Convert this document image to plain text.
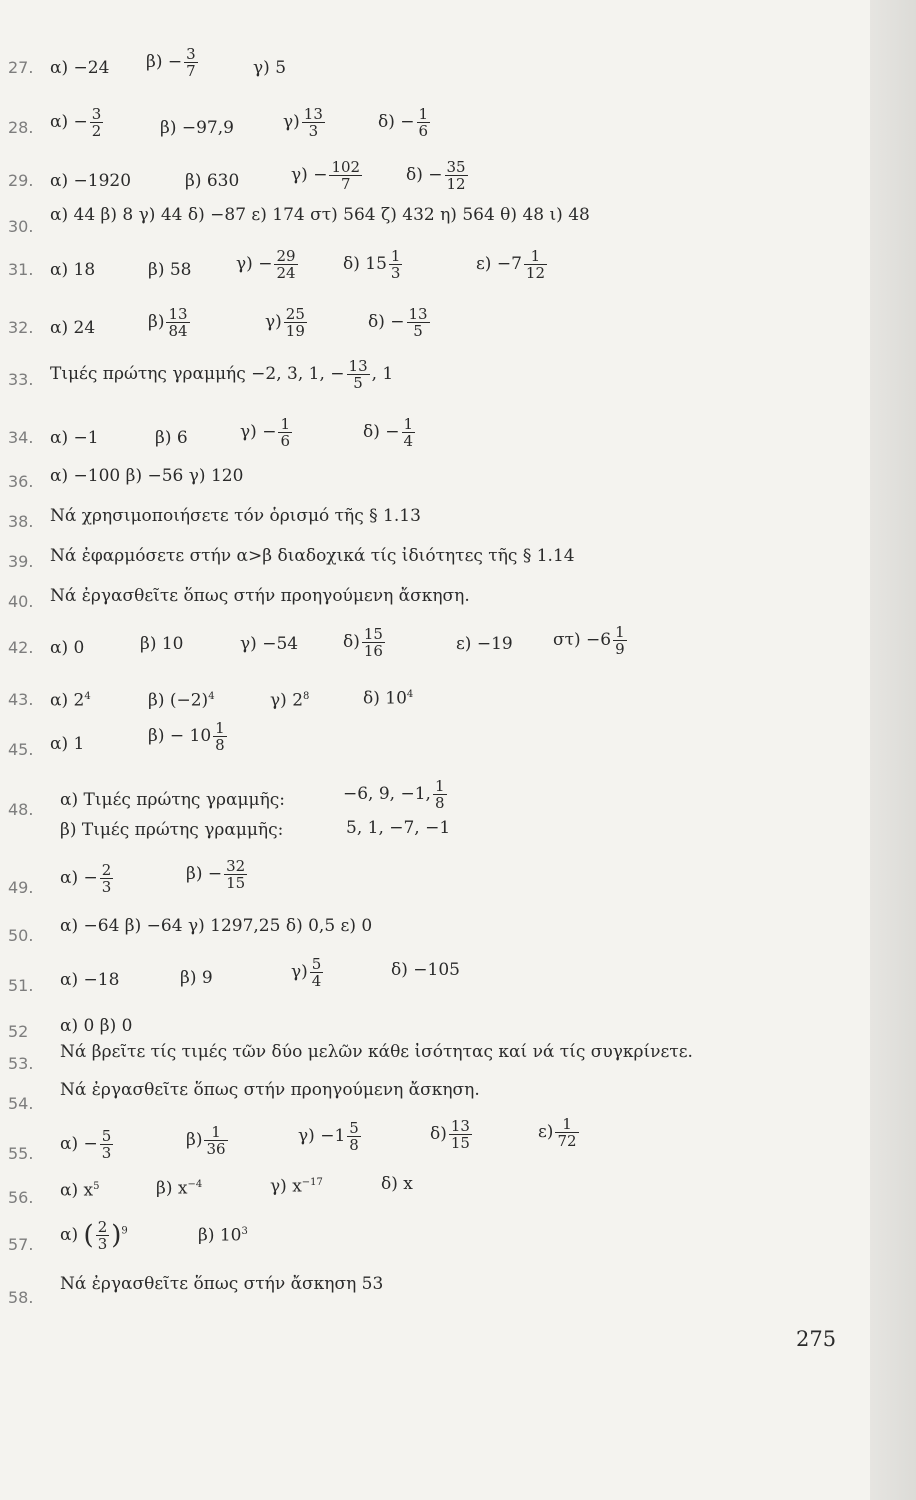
27. α) −24 $\beta) - \frac{3}{7}$	γ) 5
28. $\alpha) - \frac{3}{2}$	β) −97,9	$\gamma) \frac{13}{3}$	$\delta) - \frac{1}{6}$
29. α) −1920	β) 630	$\gamma) - \frac{102}{7}$	$\delta) - \frac{35}{12}$
30.
α) 44 β) 8 γ) 44 δ) −87 ε) 174 στ) 564 ζ) 432 η) 564 θ) 48 ι) 48
31. α) 18	β) 58	$\gamma) - \frac{29}{24}$	δ) $15 \frac{1}{3}$	$\varepsilon) -7 \frac{1}{12}$
32. α) 24	$\beta) \frac{13}{84}$	$\gamma) \frac{25}{19}$	$\delta) - \frac{13}{5}$
33. Τιμές πρώτης γραμμής −2, 3, 1, − $\frac{13}{5}$ , 1
34. α) −1	β) 6	$\gamma) - \frac{1}{6}$	$\delta) - \frac{1}{4}$
36. α) −100 β) −56 γ) 120
38. Νά χρησιμοποιήσετε τόν ὁρισμό τῆς § 1.13
39. Νά ἐφαρμόσετε στήν α>β διαδοχικά τίς ἰδιότητες τῆς § 1.14
40. Νά ἐργασθεῖτε ὅπως στήν προηγούμενη ἄσκηση.
42. α) 0	β) 10	γ) −54	$\delta) \frac{15}{16}$	ε) −19 $\sigma\tau) -6 \frac{1}{9}$
43. α) $2^4$	β) $(-2)^4$	γ) $2^8$	δ) $10^4$
45. α) 1	$\beta) - 10 \frac{1}{8}$
48. α) Τιμές πρώτης γραμμῆς:	−6, 9, −1, $\frac{1}{8}$
β) Τιμές πρώτης γραμμῆς:	5, 1, −7, −1
49. $\alpha) - \frac{2}{3}$	$\beta) - \frac{32}{15}$
50. α) −64 β) −64 γ) 1297,25 δ) 0,5 ε) 0
51. α) −18	β) 9	$\gamma) \frac{5}{4}$	δ) −105
52 α) 0 β) 0
53.
Νά βρεῖτε τίς τιμές τῶν δύο μελῶν κάθε ἰσότητας καί νά τίς συγκρίνετε.
54.
Νά ἐργασθεῖτε ὅπως στήν προηγούμενη ἄσκηση.
55. $\alpha) - \frac{5}{3}$	$\beta) \frac{1}{36}$	$\gamma) -1 \frac{5}{8}$	$\delta) \frac{13}{15}$	$\varepsilon) \frac{1}{72}$
56. α) $x^5$	β) $x^{-4}$	γ) $x^{-17}$	δ) x
57. α) ( $\frac{2}{3} )^9$	β) $10^3$
58.
Νά ἐργασθεῖτε ὅπως στήν ἄσκηση 53
275
